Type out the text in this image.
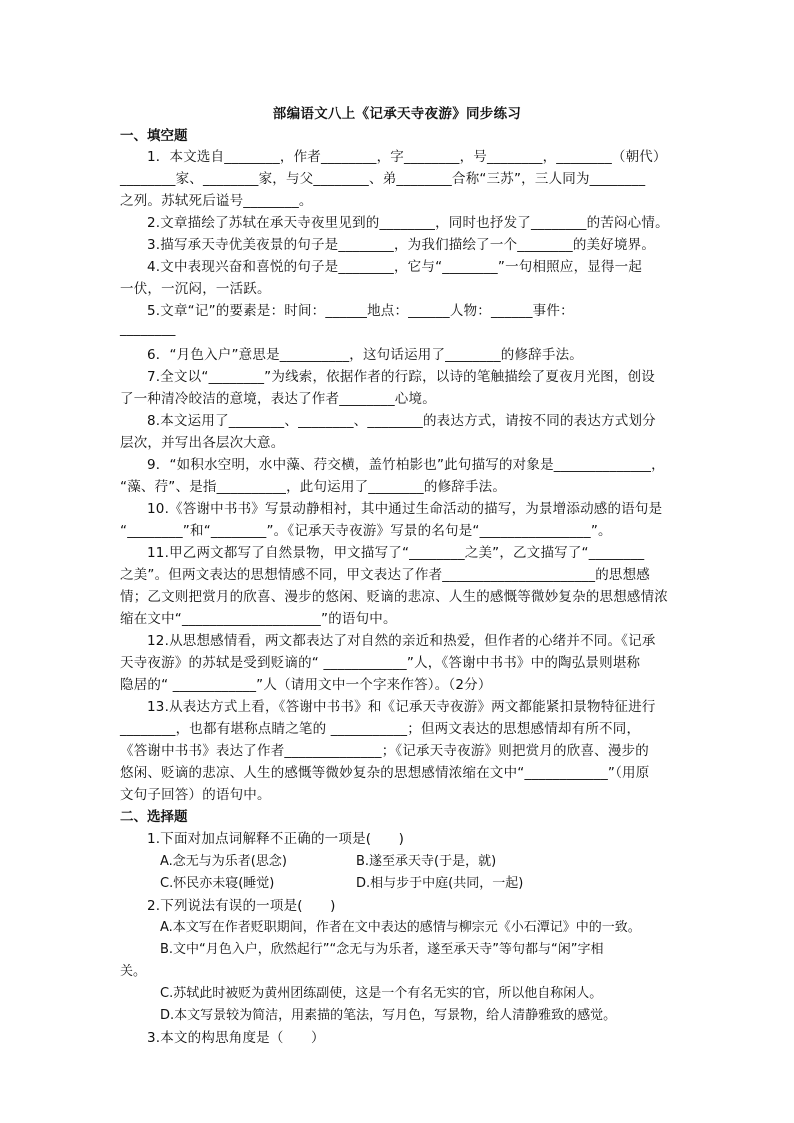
部编语文八上《记承天寺夜游》同步练习
一、填空题
1．本文选自________，作者________，字________，号________，________（朝代）
________家、________家，与父________、弟________合称“三苏”，三人同为________
之列。苏轼死后谥号________。
2.文章描绘了苏轼在承天寺夜里见到的________，同时也抒发了________的苦闷心情。
3.描写承天寺优美夜景的句子是________，为我们描绘了一个________的美好境界。
4.文中表现兴奋和喜悦的句子是________，它与“________”一句相照应，显得一起
一伏，一沉闷，一活跃。
5.文章“记”的要素是：时间：______地点：______人物：______事件：
________
6．“月色入户”意思是__________，这句话运用了________的修辞手法。
7.全文以“________”为线索，依据作者的行踪，以诗的笔触描绘了夏夜月光图，创设
了一种清冷皎洁的意境，表达了作者________心境。
8.本文运用了________、________、________的表达方式，请按不同的表达方式划分
层次，并写出各层次大意。
9．“如积水空明，水中藻、荇交横，盖竹柏影也”此句描写的对象是______________，
“藻、荇”、是指__________，此句运用了________的修辞手法。
10.《答谢中书书》写景动静相衬，其中通过生命活动的描写，为景增添动感的语句是
“________”和“________”。《记承天寺夜游》写景的名句是“________________”。
11.甲乙两文都写了自然景物，甲文描写了“________之美”，乙文描写了“________
之美”。但两文表达的思想情感不同，甲文表达了作者______________________的思想感
情；乙文则把赏月的欣喜、漫步的悠闲、贬谪的悲凉、人生的感慨等微妙复杂的思想感情浓
缩在文中“____________________”的语句中。
12.从思想感情看，两文都表达了对自然的亲近和热爱，但作者的心绪并不同。《记承
天寺夜游》的苏轼是受到贬谪的“ ____________”人，《答谢中书书》中的陶弘景则堪称
隐居的“ ____________”人（请用文中一个字来作答）。（2分）
13.从表达方式上看，《答谢中书书》和《记承天寺夜游》两文都能紧扣景物特征进行
________，也都有堪称点睛之笔的 ___________；但两文表达的思想感情却有所不同，
《答谢中书书》表达了作者______________；《记承天寺夜游》则把赏月的欣喜、漫步的
悠闲、贬谪的悲凉、人生的感慨等微妙复杂的思想感情浓缩在文中“____________”（用原
文句子回答）的语句中。
二、选择题
1.下面对加点词解释不正确的一项是(　　)
A.念无与为乐者(思念)	B.遂至承天寺(于是，就)
C.怀民亦未寝(睡觉)	D.相与步于中庭(共同，一起)
2.下列说法有误的一项是(　　)
A.本文写在作者贬职期间，作者在文中表达的感情与柳宗元《小石潭记》中的一致。
B.文中“月色入户，欣然起行”“念无与为乐者，遂至承天寺”等句都与“闲”字相
关。
C.苏轼此时被贬为黄州团练副使，这是一个有名无实的官，所以他自称闲人。
D.本文写景较为简洁，用素描的笔法，写月色，写景物，给人清静雅致的感觉。
3.本文的构思角度是（　　）
